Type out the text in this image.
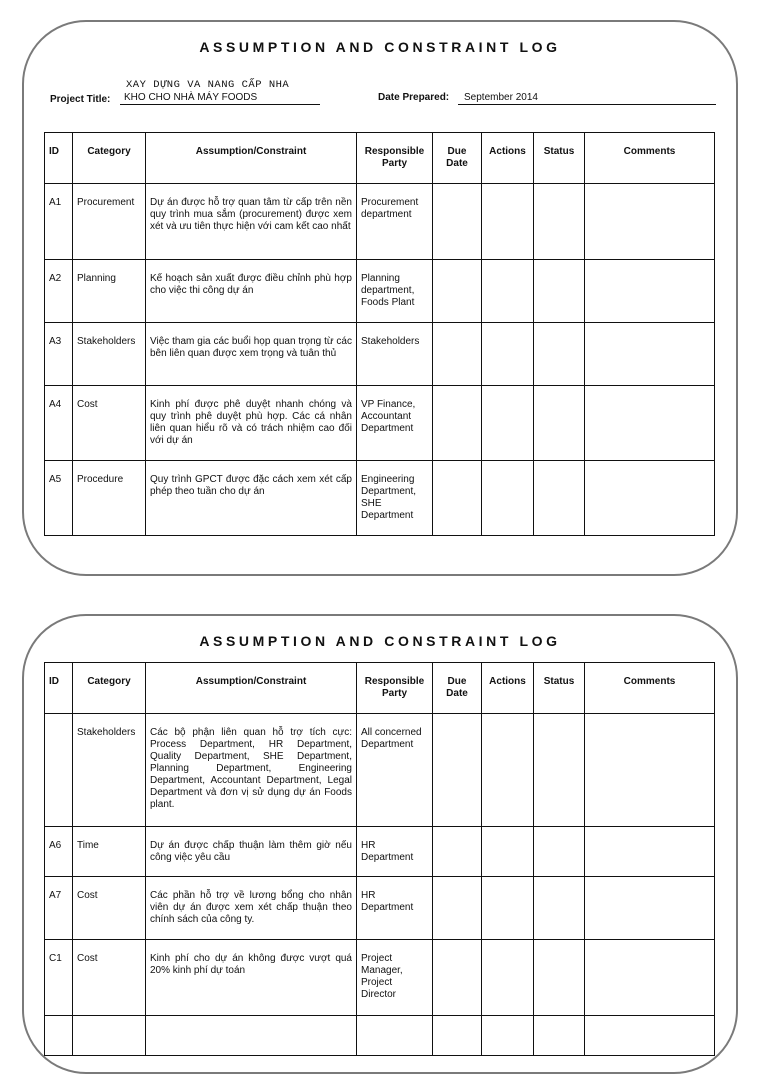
ASSUMPTION AND CONSTRAINT LOG
Project Title:
XAY DỰNG VA NANG CẤP NHA
KHO CHO NHÀ MÁY FOODS	Date Prepared:	September 2014
ID	Category	Assumption/Constraint	Responsible Party	Due Date	Actions	Status	Comments
A1	Procurement	Dự án được hỗ trợ quan tâm từ cấp trên nền quy trình mua sắm (procurement) được xem xét và ưu tiên thực hiện với cam kết cao nhất	Procurement department				
A2	Planning	Kế hoạch sản xuất được điều chỉnh phù hợp cho việc thi công dự án	Planning department, Foods Plant				
A3	Stakeholders	Việc tham gia các buổi họp quan trọng từ các bên liên quan được xem trọng và tuân thủ	Stakeholders				
A4	Cost	Kinh phí được phê duyệt nhanh chóng và quy trình phê duyệt phù hợp. Các cá nhân liên quan hiểu rõ và có trách nhiệm cao đối với dự án	VP Finance, Accountant Department				
A5	Procedure	Quy trình GPCT được đặc cách xem xét cấp phép theo tuần cho dự án	Engineering Department, SHE Department				
ASSUMPTION AND CONSTRAINT LOG
ID	Category	Assumption/Constraint	Responsible Party	Due Date	Actions	Status	Comments
	Stakeholders	Các bộ phận liên quan hỗ trợ tích cực: Process Department, HR Department, Quality Department, SHE Department, Planning Department, Engineering Department, Accountant Department, Legal Department và đơn vị sử dụng dự án Foods plant.	All concerned Department				
A6	Time	Dự án được chấp thuận làm thêm giờ nếu công việc yêu cầu	HR Department				
A7	Cost	Các phần hỗ trợ về lương bổng cho nhân viên dự án được xem xét chấp thuận theo chính sách của công ty.	HR Department				
C1	Cost	Kinh phí cho dự án không được vượt quá 20% kinh phí dự toán	Project Manager, Project Director				
